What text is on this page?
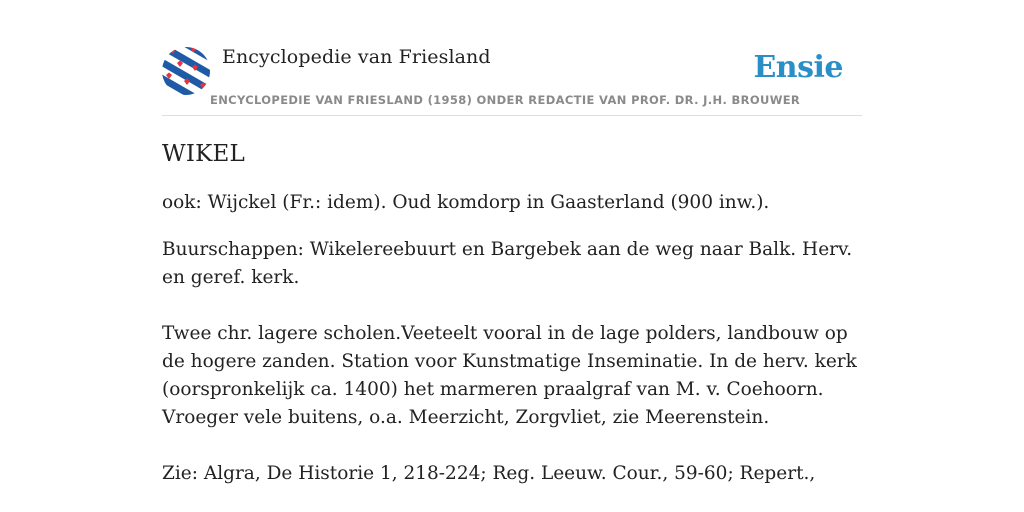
Encyclopedie van Friesland	Ensie
ENCYCLOPEDIE VAN FRIESLAND (1958) ONDER REDACTIE VAN PROF. DR. J.H. BROUWER
WIKEL

ook: Wijckel (Fr.: idem). Oud komdorp in Gaasterland (900 inw.).

Buurschappen: Wikelereebuurt en Bargebek aan de weg naar Balk. Herv. en geref. kerk.

Twee chr. lagere scholen.Veeteelt vooral in de lage polders, landbouw op de hogere zanden. Station voor Kunstmatige Inseminatie. In de herv. kerk (oorspronkelijk ca. 1400) het marmeren praalgraf van M. v. Coehoorn. Vroeger vele buitens, o.a. Meerzicht, Zorgvliet, zie Meerenstein.

Zie: Algra, De Historie 1, 218-224; Reg. Leeuw. Cour., 59-60; Repert.,
